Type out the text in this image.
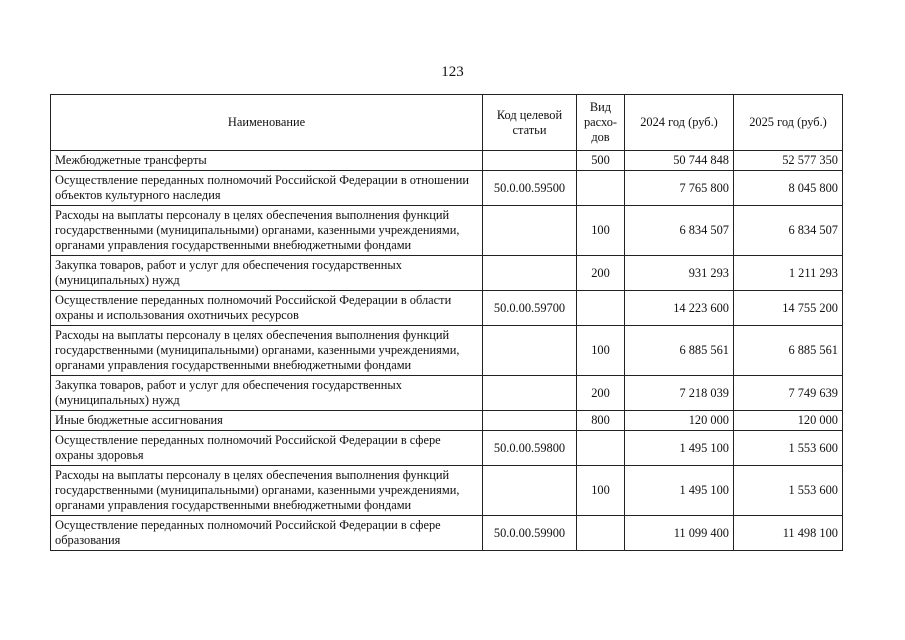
123
Наименование	Код целевой статьи	Вид расхо-дов	2024 год (руб.)	2025 год (руб.)
Межбюджетные трансферты		500	50 744 848	52 577 350
Осуществление переданных полномочий Российской Федерации в отношении объектов культурного наследия	50.0.00.59500		7 765 800	8 045 800
Расходы на выплаты персоналу в целях обеспечения выполнения функций государственными (муниципальными) органами, казенными учреждениями, органами управления государственными внебюджетными фондами		100	6 834 507	6 834 507
Закупка товаров, работ и услуг для обеспечения государственных (муниципальных) нужд		200	931 293	1 211 293
Осуществление переданных полномочий Российской Федерации в области охраны и использования охотничьих ресурсов	50.0.00.59700		14 223 600	14 755 200
Расходы на выплаты персоналу в целях обеспечения выполнения функций государственными (муниципальными) органами, казенными учреждениями, органами управления государственными внебюджетными фондами		100	6 885 561	6 885 561
Закупка товаров, работ и услуг для обеспечения государственных (муниципальных) нужд		200	7 218 039	7 749 639
Иные бюджетные ассигнования		800	120 000	120 000
Осуществление переданных полномочий Российской Федерации в сфере охраны здоровья	50.0.00.59800		1 495 100	1 553 600
Расходы на выплаты персоналу в целях обеспечения выполнения функций государственными (муниципальными) органами, казенными учреждениями, органами управления государственными внебюджетными фондами		100	1 495 100	1 553 600
Осуществление переданных полномочий Российской Федерации в сфере образования	50.0.00.59900		11 099 400	11 498 100
